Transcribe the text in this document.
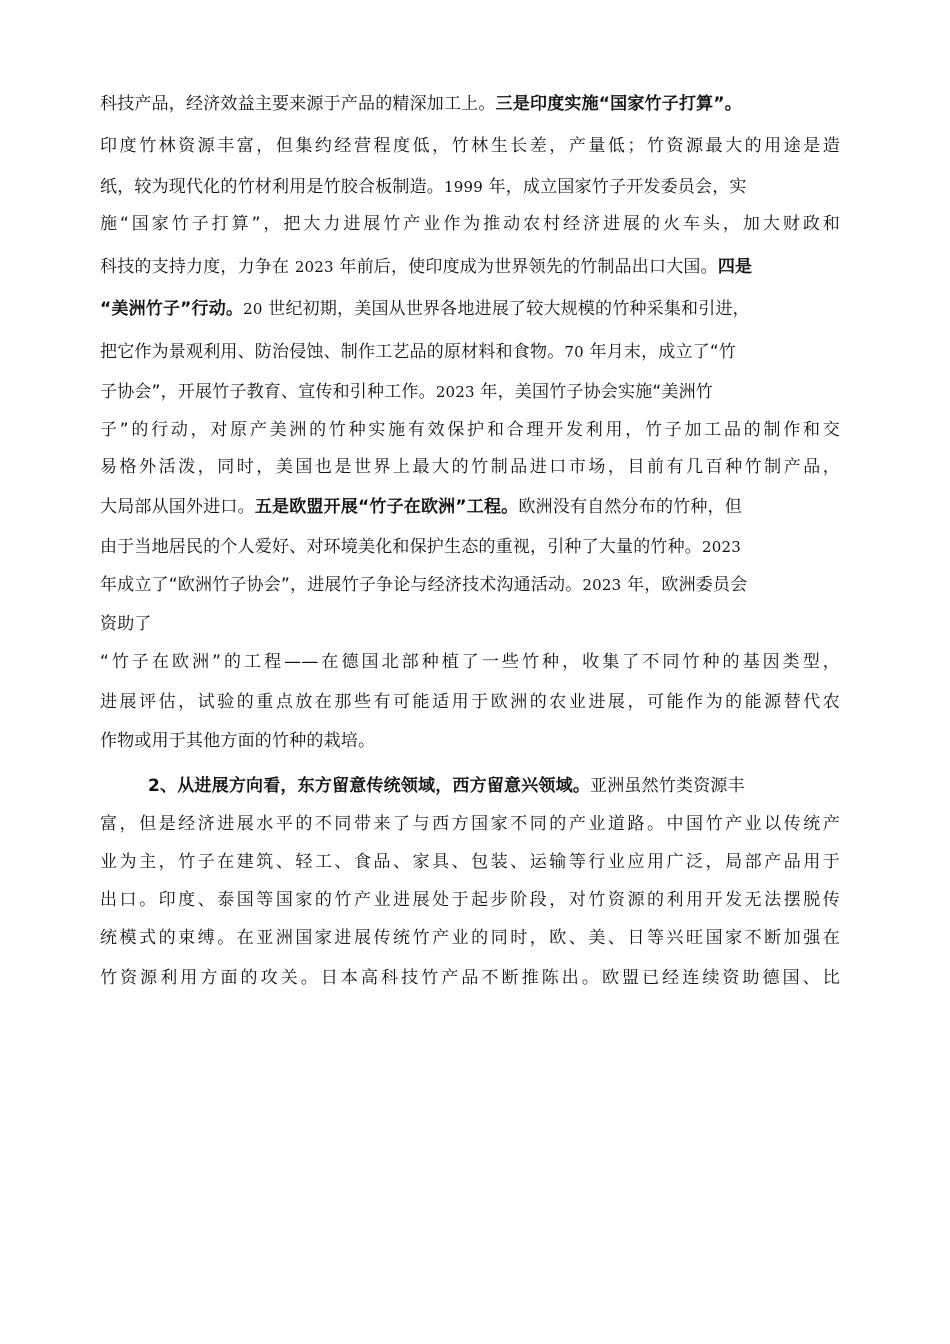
科技产品，经济效益主要来源于产品的精深加工上。三是印度实施“国家竹子打算”。
印度竹林资源丰富，但集约经营程度低，竹林生长差，产量低；竹资源最大的用途是造
纸，较为现代化的竹材利用是竹胶合板制造。1999 年，成立国家竹子开发委员会，实
施“国家竹子打算”，把大力进展竹产业作为推动农村经济进展的火车头，加大财政和
科技的支持力度，力争在 2023 年前后，使印度成为世界领先的竹制品出口大国。四是
“美洲竹子”行动。20 世纪初期，美国从世界各地进展了较大规模的竹种采集和引进，
把它作为景观利用、防治侵蚀、制作工艺品的原材料和食物。70 年月末，成立了“竹
子协会”，开展竹子教育、宣传和引种工作。2023 年，美国竹子协会实施“美洲竹
子”的行动，对原产美洲的竹种实施有效保护和合理开发利用，竹子加工品的制作和交
易格外活泼，同时，美国也是世界上最大的竹制品进口市场，目前有几百种竹制产品，
大局部从国外进口。五是欧盟开展“竹子在欧洲”工程。欧洲没有自然分布的竹种，但
由于当地居民的个人爱好、对环境美化和保护生态的重视，引种了大量的竹种。2023
年成立了“欧洲竹子协会”，进展竹子争论与经济技术沟通活动。2023 年，欧洲委员会
资助了
“竹子在欧洲”的工程——在德国北部种植了一些竹种，收集了不同竹种的基因类型，
进展评估，试验的重点放在那些有可能适用于欧洲的农业进展，可能作为的能源替代农
作物或用于其他方面的竹种的栽培。
2、从进展方向看，东方留意传统领域，西方留意兴领域。亚洲虽然竹类资源丰
富，但是经济进展水平的不同带来了与西方国家不同的产业道路。中国竹产业以传统产
业为主，竹子在建筑、轻工、食品、家具、包装、运输等行业应用广泛，局部产品用于
出口。印度、泰国等国家的竹产业进展处于起步阶段，对竹资源的利用开发无法摆脱传
统模式的束缚。在亚洲国家进展传统竹产业的同时，欧、美、日等兴旺国家不断加强在
竹资源利用方面的攻关。日本高科技竹产品不断推陈出。欧盟已经连续资助德国、比
